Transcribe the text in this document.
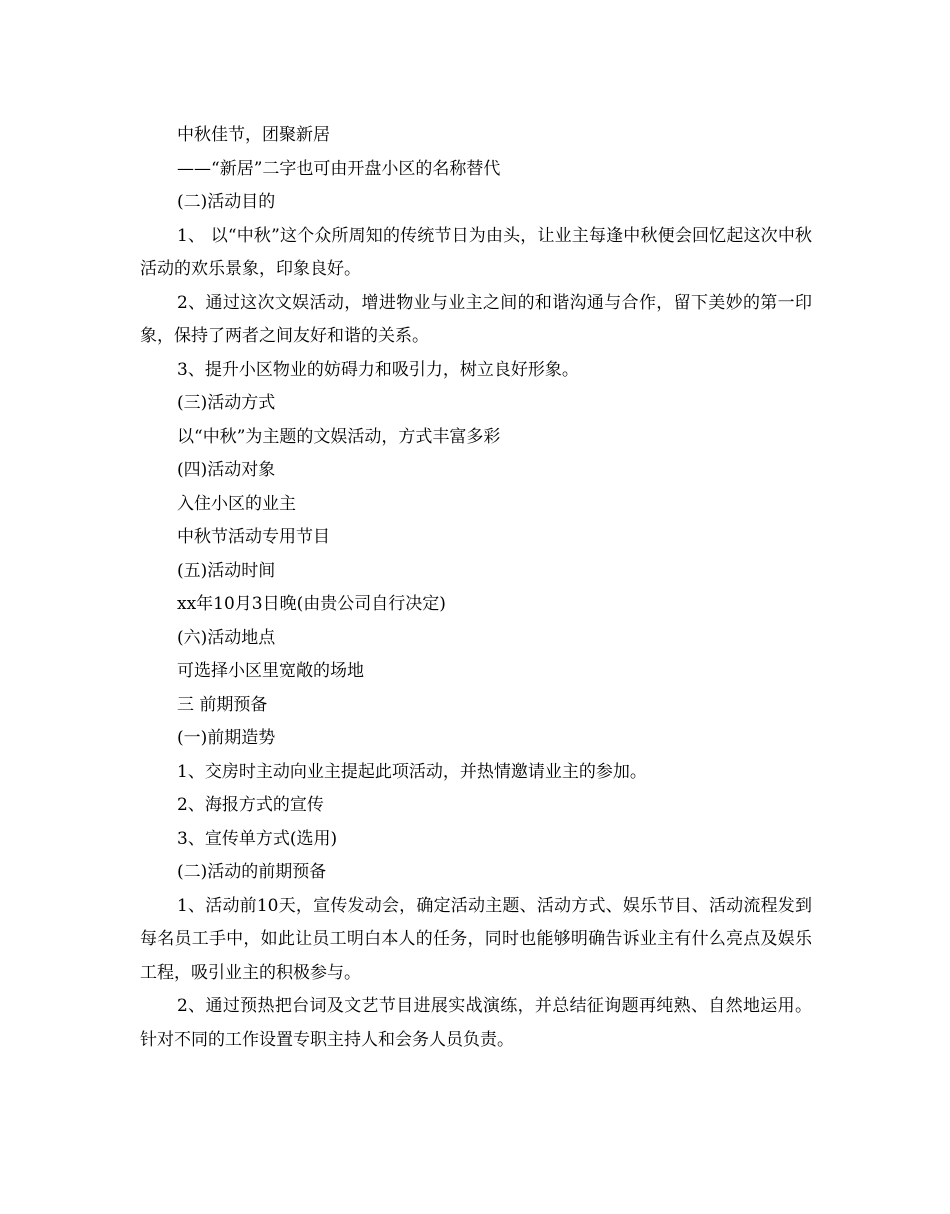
中秋佳节，团聚新居

——“新居”二字也可由开盘小区的名称替代

(二)活动目的

1、 以“中秋”这个众所周知的传统节日为由头，让业主每逢中秋便会回忆起这次中秋活动的欢乐景象，印象良好。

2、通过这次文娱活动，增进物业与业主之间的和谐沟通与合作，留下美妙的第一印象，保持了两者之间友好和谐的关系。

3、提升小区物业的妨碍力和吸引力，树立良好形象。

(三)活动方式

以“中秋”为主题的文娱活动，方式丰富多彩

(四)活动对象

入住小区的业主

中秋节活动专用节目

(五)活动时间

xx年10月3日晚(由贵公司自行决定)

(六)活动地点

可选择小区里宽敞的场地

三 前期预备

(一)前期造势

1、交房时主动向业主提起此项活动，并热情邀请业主的参加。

2、海报方式的宣传

3、宣传单方式(选用)

(二)活动的前期预备

1、活动前10天，宣传发动会，确定活动主题、活动方式、娱乐节目、活动流程发到每名员工手中，如此让员工明白本人的任务，同时也能够明确告诉业主有什么亮点及娱乐工程，吸引业主的积极参与。

2、通过预热把台词及文艺节目进展实战演练，并总结征询题再纯熟、自然地运用。针对不同的工作设置专职主持人和会务人员负责。
